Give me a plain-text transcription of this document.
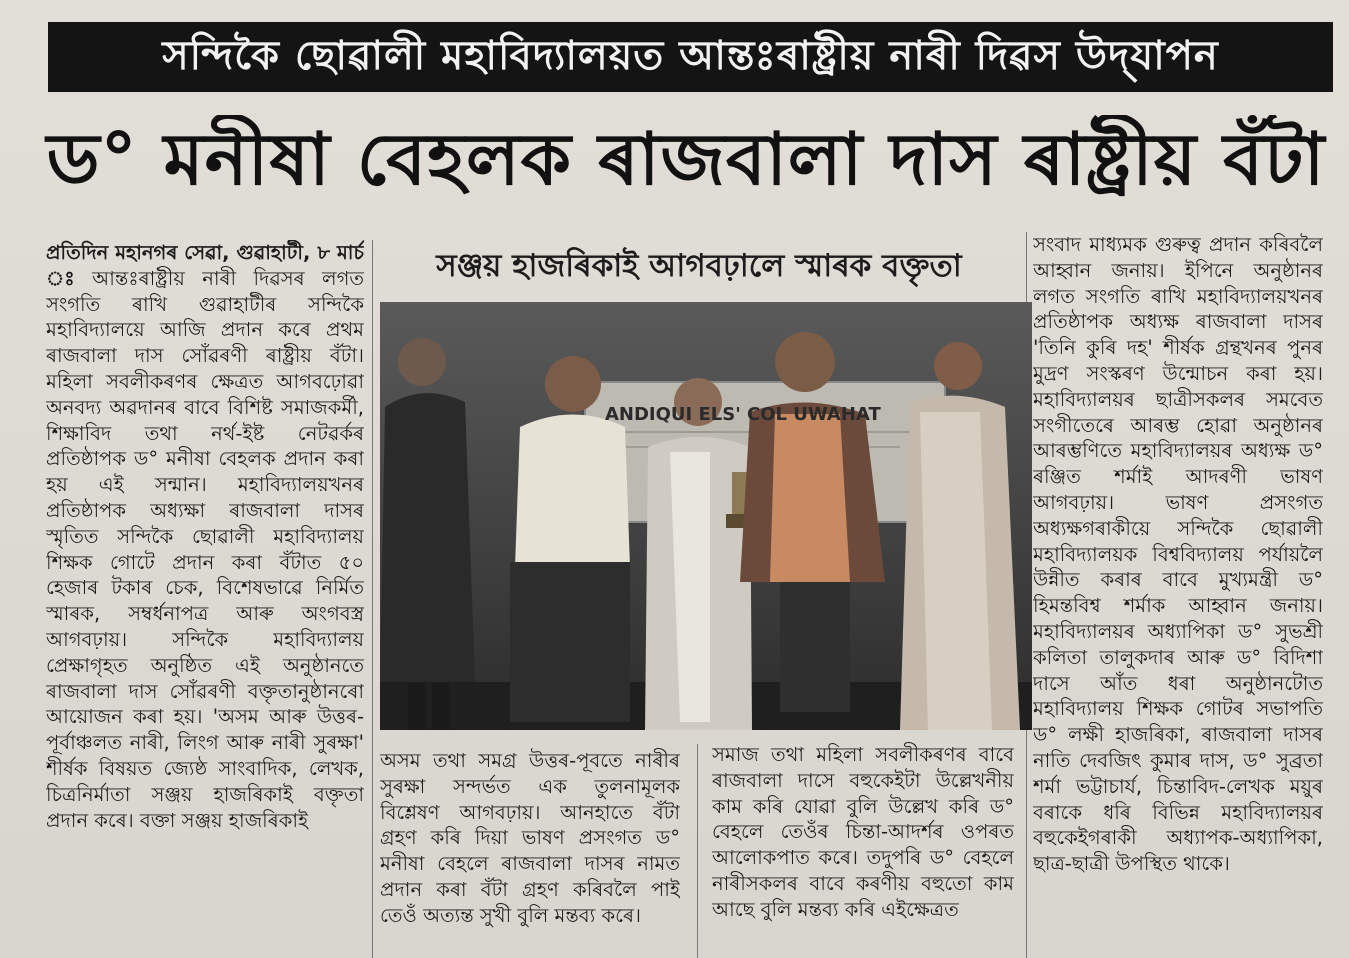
সন্দিকৈ ছোৱালী মহাবিদ্যালয়ত আন্তঃৰাষ্ট্ৰীয় নাৰী দিৱস উদ্‌যাপন
ড° মনীষা বেহলক ৰাজবালা দাস ৰাষ্ট্ৰীয় বঁটা

প্ৰতিদিন মহানগৰ সেৱা, গুৱাহাটী, ৮ মাৰ্চ ঃ আন্তঃৰাষ্ট্ৰীয় নাৰী দিৱসৰ লগত সংগতি ৰাখি গুৱাহাটীৰ সন্দিকৈ মহাবিদ্যালয়ে আজি প্ৰদান কৰে প্ৰথম ৰাজবালা দাস সোঁৱৰণী ৰাষ্ট্ৰীয় বঁটা। মহিলা সবলীকৰণৰ ক্ষেত্ৰত আগবঢ়োৱা অনবদ্য অৱদানৰ বাবে বিশিষ্ট সমাজকৰ্মী, শিক্ষাবিদ তথা নৰ্থ-ইষ্ট নেটৱৰ্কৰ প্ৰতিষ্ঠাপক ড° মনীষা বেহলক প্ৰদান কৰা হয় এই সন্মান। মহাবিদ্যালয়খনৰ প্ৰতিষ্ঠাপক অধ্যক্ষা ৰাজবালা দাসৰ স্মৃতিত সন্দিকৈ ছোৱালী মহাবিদ্যালয় শিক্ষক গোটে প্ৰদান কৰা বঁটাত ৫০ হেজাৰ টকাৰ চেক, বিশেষভাৱে নিৰ্মিত স্মাৰক, সম্বৰ্ধনাপত্ৰ আৰু অংগবস্ত্ৰ আগবঢ়ায়। সন্দিকৈ মহাবিদ্যালয় প্ৰেক্ষাগৃহত অনুষ্ঠিত এই অনুষ্ঠানতে ৰাজবালা দাস সোঁৱৰণী বক্তৃতানুষ্ঠানৰো আয়োজন কৰা হয়। 'অসম আৰু উত্তৰ-পূৰ্বাঞ্চলত নাৰী, লিংগ আৰু নাৰী সুৰক্ষা' শীৰ্ষক বিষয়ত জ্যেষ্ঠ সাংবাদিক, লেখক, চিত্ৰনিৰ্মাতা সঞ্জয় হাজৰিকাই বক্তৃতা প্ৰদান কৰে। বক্তা সঞ্জয় হাজৰিকাই

সঞ্জয় হাজৰিকাই আগবঢ়ালে স্মাৰক বক্তৃতা
ANDIQUI ELS' COL UWAHAT

অসম তথা সমগ্ৰ উত্তৰ-পূবতে নাৰীৰ সুৰক্ষা সন্দৰ্ভত এক তুলনামূলক বিশ্লেষণ আগবঢ়ায়। আনহাতে বঁটা গ্ৰহণ কৰি দিয়া ভাষণ প্ৰসংগত ড° মনীষা বেহলে ৰাজবালা দাসৰ নামত প্ৰদান কৰা বঁটা গ্ৰহণ কৰিবলৈ পাই তেওঁ অত্যন্ত সুখী বুলি মন্তব্য কৰে।

সমাজ তথা মহিলা সবলীকৰণৰ বাবে ৰাজবালা দাসে বহুকেইটা উল্লেখনীয় কাম কৰি যোৱা বুলি উল্লেখ কৰি ড° বেহলে তেওঁৰ চিন্তা-আদৰ্শৰ ওপৰত আলোকপাত কৰে। তদুপৰি ড° বেহলে নাৰীসকলৰ বাবে কৰণীয় বহুতো কাম আছে বুলি মন্তব্য কৰি এইক্ষেত্ৰত

সংবাদ মাধ্যমক গুৰুত্ব প্ৰদান কৰিবলৈ আহ্বান জনায়। ইপিনে অনুষ্ঠানৰ লগত সংগতি ৰাখি মহাবিদ্যালয়খনৰ প্ৰতিষ্ঠাপক অধ্যক্ষ ৰাজবালা দাসৰ 'তিনি কুৰি দহ' শীৰ্ষক গ্ৰন্থখনৰ পুনৰ মুদ্ৰণ সংস্কৰণ উন্মোচন কৰা হয়। মহাবিদ্যালয়ৰ ছাত্ৰীসকলৰ সমবেত সংগীতেৰে আৰম্ভ হোৱা অনুষ্ঠানৰ আৰম্ভণিতে মহাবিদ্যালয়ৰ অধ্যক্ষ ড° ৰঞ্জিত শৰ্মাই আদৰণী ভাষণ আগবঢ়ায়। ভাষণ প্ৰসংগত অধ্যক্ষগৰাকীয়ে সন্দিকৈ ছোৱালী মহাবিদ্যালয়ক বিশ্ববিদ্যালয় পৰ্যায়লৈ উন্নীত কৰাৰ বাবে মুখ্যমন্ত্ৰী ড° হিমন্তবিশ্ব শৰ্মাক আহ্বান জনায়। মহাবিদ্যালয়ৰ অধ্যাপিকা ড° সুভশ্ৰী কলিতা তালুকদাৰ আৰু ড° বিদিশা দাসে আঁত ধৰা অনুষ্ঠানটোত মহাবিদ্যালয় শিক্ষক গোটৰ সভাপতি ড° লক্ষী হাজৰিকা, ৰাজবালা দাসৰ নাতি দেবজিৎ কুমাৰ দাস, ড° সুব্ৰতা শৰ্মা ভট্টাচাৰ্য, চিন্তাবিদ-লেখক ময়ুৰ বৰাকে ধৰি বিভিন্ন মহাবিদ্যালয়ৰ বহুকেইগৰাকী অধ্যাপক-অধ্যাপিকা, ছাত্ৰ-ছাত্ৰী উপস্থিত থাকে।
